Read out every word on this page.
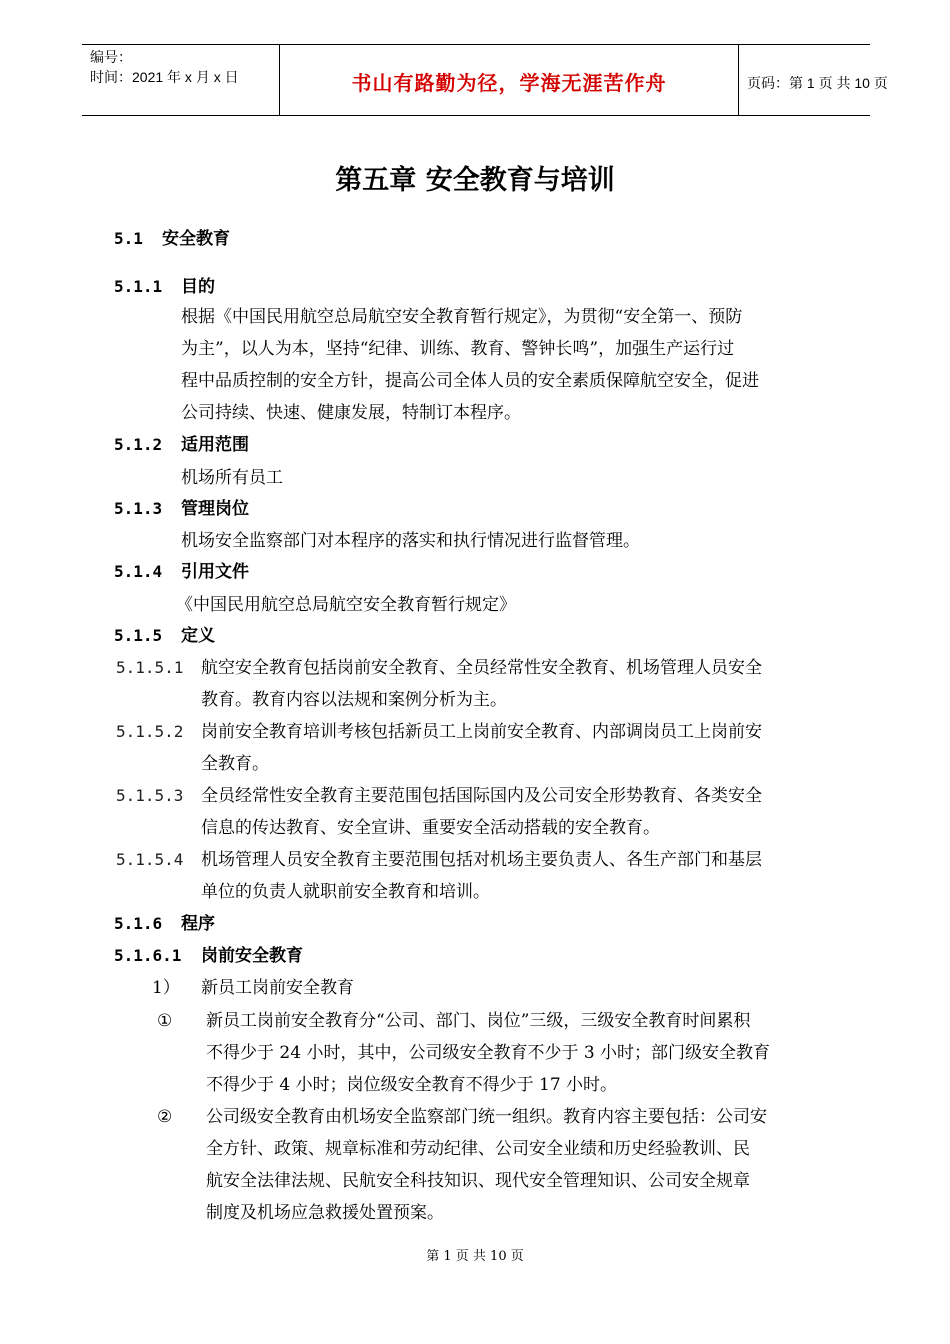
编号：
时间：2021 年 x 月 x 日	书山有路勤为径，学海无涯苦作舟	页码：第 1 页 共 10 页
第五章 安全教育与培训
5.1 安全教育
5.1.1 目的
根据《中国民用航空总局航空安全教育暂行规定》，为贯彻“安全第一、预防
为主”，以人为本，坚持“纪律、训练、教育、警钟长鸣”，加强生产运行过
程中品质控制的安全方针，提高公司全体人员的安全素质保障航空安全，促进
公司持续、快速、健康发展，特制订本程序。
5.1.2 适用范围
机场所有员工
5.1.3 管理岗位
机场安全监察部门对本程序的落实和执行情况进行监督管理。
5.1.4 引用文件
《中国民用航空总局航空安全教育暂行规定》
5.1.5 定义
5.1.5.1 航空安全教育包括岗前安全教育、全员经常性安全教育、机场管理人员安全
教育。教育内容以法规和案例分析为主。
5.1.5.2 岗前安全教育培训考核包括新员工上岗前安全教育、内部调岗员工上岗前安
全教育。
5.1.5.3 全员经常性安全教育主要范围包括国际国内及公司安全形势教育、各类安全
信息的传达教育、安全宣讲、重要安全活动搭载的安全教育。
5.1.5.4 机场管理人员安全教育主要范围包括对机场主要负责人、各生产部门和基层
单位的负责人就职前安全教育和培训。
5.1.6 程序
5.1.6.1 岗前安全教育
1） 新员工岗前安全教育
① 新员工岗前安全教育分“公司、部门、岗位”三级，三级安全教育时间累积
不得少于 24 小时，其中，公司级安全教育不少于 3 小时；部门级安全教育
不得少于 4 小时；岗位级安全教育不得少于 17 小时。
② 公司级安全教育由机场安全监察部门统一组织。教育内容主要包括：公司安
全方针、政策、规章标准和劳动纪律、公司安全业绩和历史经验教训、民
航安全法律法规、民航安全科技知识、现代安全管理知识、公司安全规章
制度及机场应急救援处置预案。
第 1 页 共 10 页
